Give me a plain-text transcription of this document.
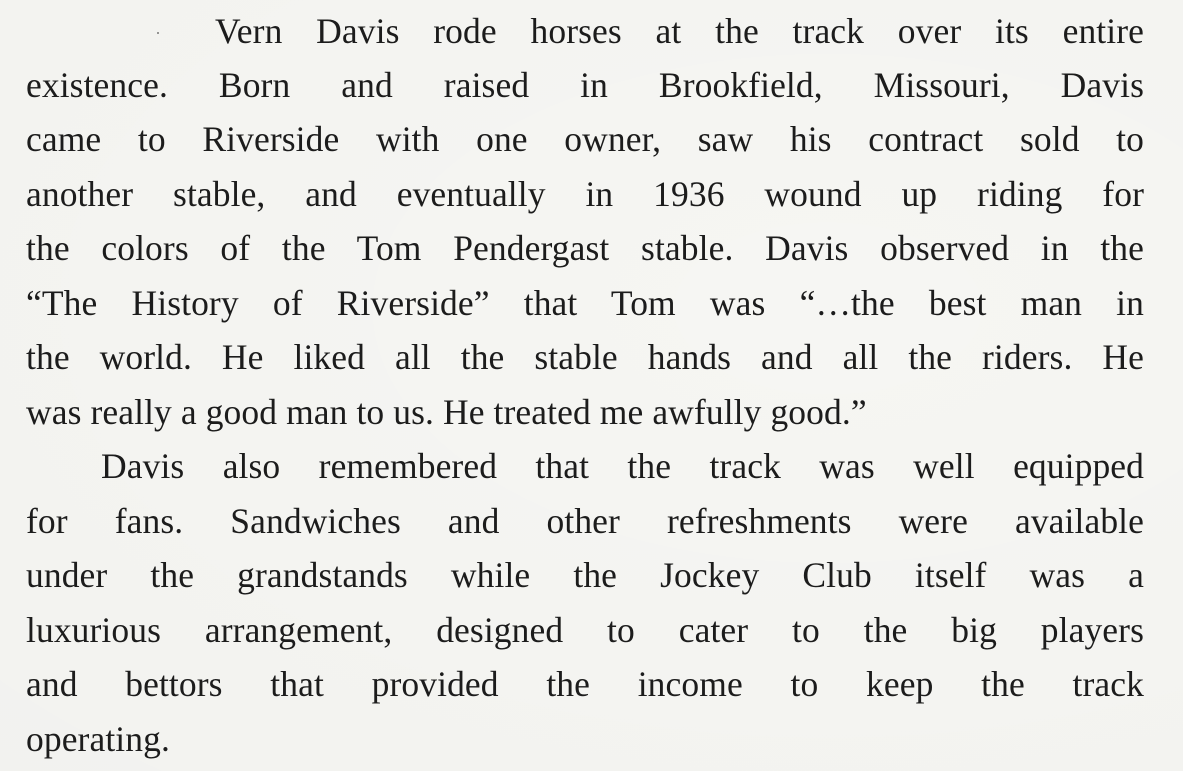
Vern Davis rode horses at the track over its entire
existence. Born and raised in Brookfield, Missouri, Davis
came to Riverside with one owner, saw his contract sold to
another stable, and eventually in 1936 wound up riding for
the colors of the Tom Pendergast stable. Davis observed in the
“The History of Riverside” that Tom was “…the best man in
the world. He liked all the stable hands and all the riders. He
was really a good man to us. He treated me awfully good.”
Davis also remembered that the track was well equipped
for fans. Sandwiches and other refreshments were available
under the grandstands while the Jockey Club itself was a
luxurious arrangement, designed to cater to the big players
and bettors that provided the income to keep the track
operating.
